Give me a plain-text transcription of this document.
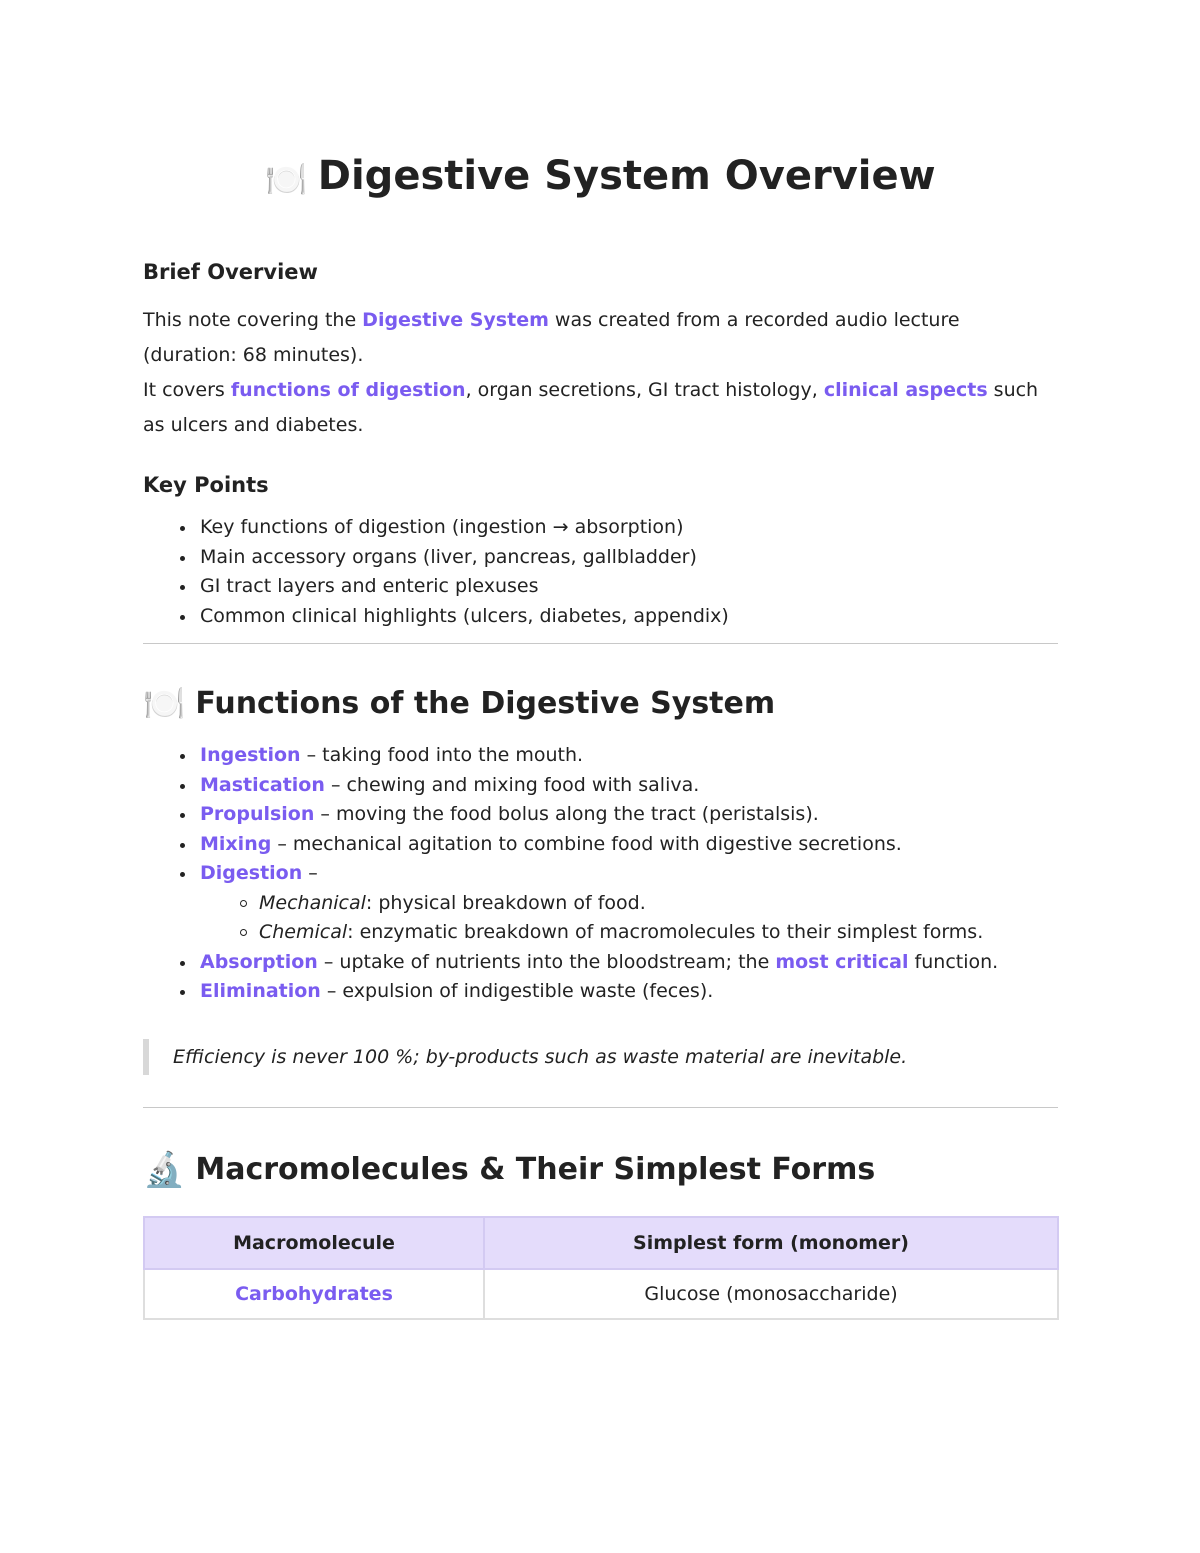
🍽️ Digestive System Overview
Brief Overview

This note covering the Digestive System was created from a recorded audio lecture (duration: 68 minutes).

It covers functions of digestion, organ secretions, GI tract histology, clinical aspects such as ulcers and diabetes.

Key Points
Key functions of digestion (ingestion → absorption)
Main accessory organs (liver, pancreas, gallbladder)
GI tract layers and enteric plexuses
Common clinical highlights (ulcers, diabetes, appendix)
🍽️ Functions of the Digestive System
Ingestion – taking food into the mouth.
Mastication – chewing and mixing food with saliva.
Propulsion – moving the food bolus along the tract (peristalsis).
Mixing – mechanical agitation to combine food with digestive secretions.
Digestion –
Mechanical: physical breakdown of food.
Chemical: enzymatic breakdown of macromolecules to their simplest forms.
Absorption – uptake of nutrients into the bloodstream; the most critical function.
Elimination – expulsion of indigestible waste (feces).
Efficiency is never 100 %; by-products such as waste material are inevitable.
🔬 Macromolecules & Their Simplest Forms
Macromolecule	Simplest form (monomer)
Carbohydrates	Glucose (monosaccharide)
